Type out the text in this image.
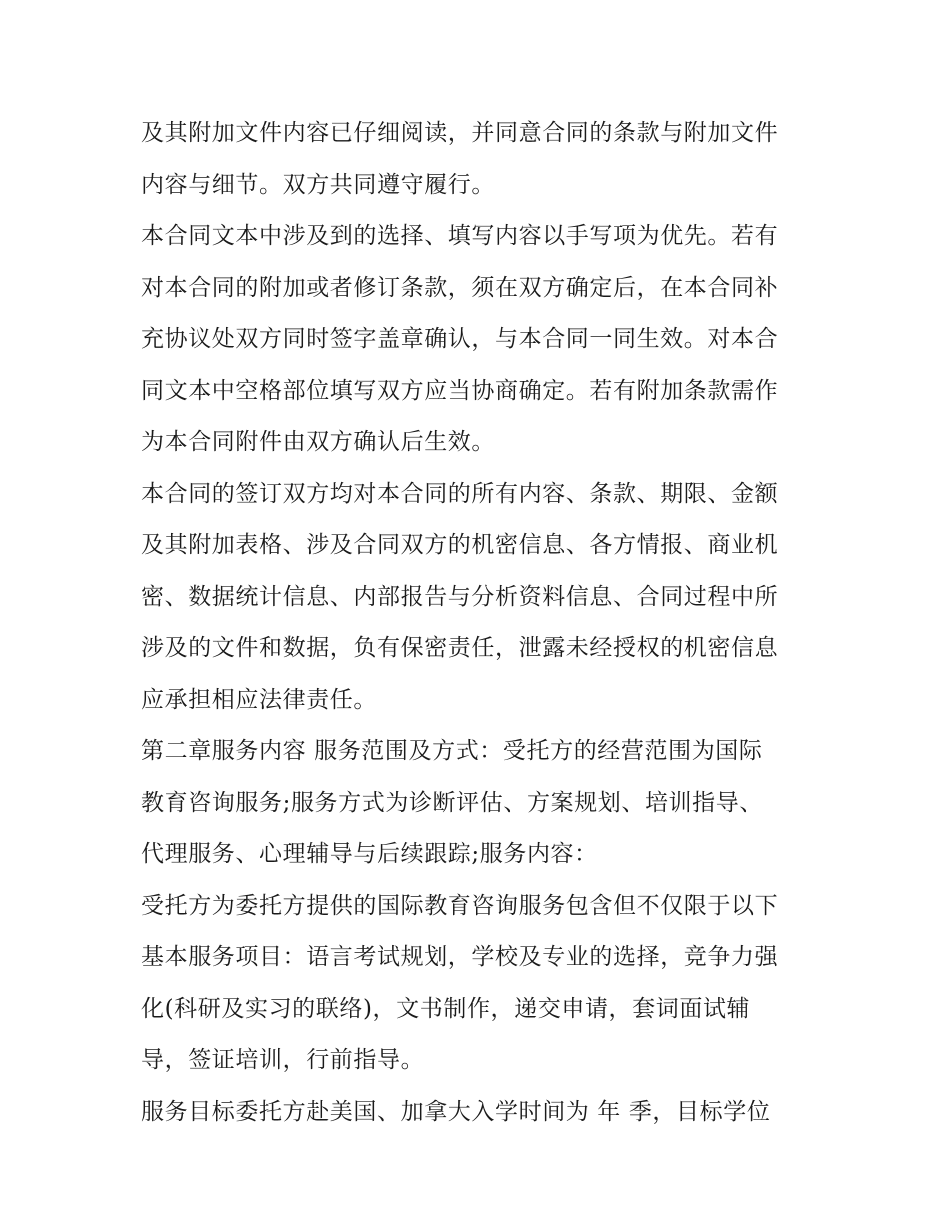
及其附加文件内容已仔细阅读，并同意合同的条款与附加文件
内容与细节。双方共同遵守履行。
本合同文本中涉及到的选择、填写内容以手写项为优先。若有
对本合同的附加或者修订条款，须在双方确定后，在本合同补
充协议处双方同时签字盖章确认，与本合同一同生效。对本合
同文本中空格部位填写双方应当协商确定。若有附加条款需作
为本合同附件由双方确认后生效。
本合同的签订双方均对本合同的所有内容、条款、期限、金额
及其附加表格、涉及合同双方的机密信息、各方情报、商业机
密、数据统计信息、内部报告与分析资料信息、合同过程中所
涉及的文件和数据，负有保密责任，泄露未经授权的机密信息
应承担相应法律责任。
第二章服务内容 服务范围及方式：受托方的经营范围为国际
教育咨询服务;服务方式为诊断评估、方案规划、培训指导、
代理服务、心理辅导与后续跟踪;服务内容：
受托方为委托方提供的国际教育咨询服务包含但不仅限于以下
基本服务项目：语言考试规划，学校及专业的选择，竞争力强
化(科研及实习的联络)，文书制作，递交申请，套词面试辅
导，签证培训，行前指导。
服务目标委托方赴美国、加拿大入学时间为 年 季，目标学位
